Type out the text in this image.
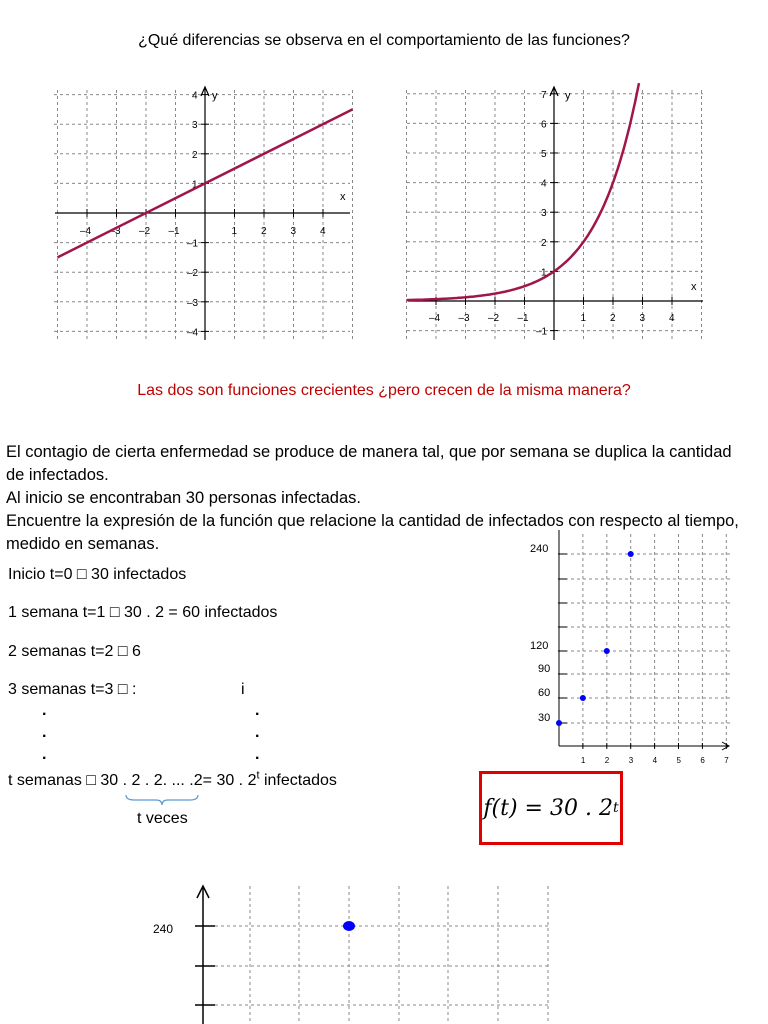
¿Qué diferencias se observa en el comportamiento de las funciones?
–4 –3 –2 –1	1 2 3 4
–4
–3
–2
–1
1
2
3
4
x
y
–4 –3 –2 –1	1 2 3 4
–1
1
2
3
4
5
6
7
x
y
Las dos son funciones crecientes ¿pero crecen de la misma manera?
El contagio de cierta enfermedad se produce de manera tal, que por semana se duplica la cantidad de infectados.
Al inicio se encontraban 30 personas infectadas.
Encuentre la expresión de la función que relacione la cantidad de infectados con respecto al tiempo, medido en semanas.
Inicio t=0 □ 30 infectados
1 semana t=1 □ 30 . 2 = 60 infectados
2 semanas t=2 □ 6
3 semanas t=3 □ :	i
.	.
.	.
.	.
t semanas □ 30 . 2 . 2. ... .2= 30 . 2$^t$ infectados
t veces	f(t) = 30 . 2 t
1 2 3 4 5 6 7
30
60
90
120
240
240
